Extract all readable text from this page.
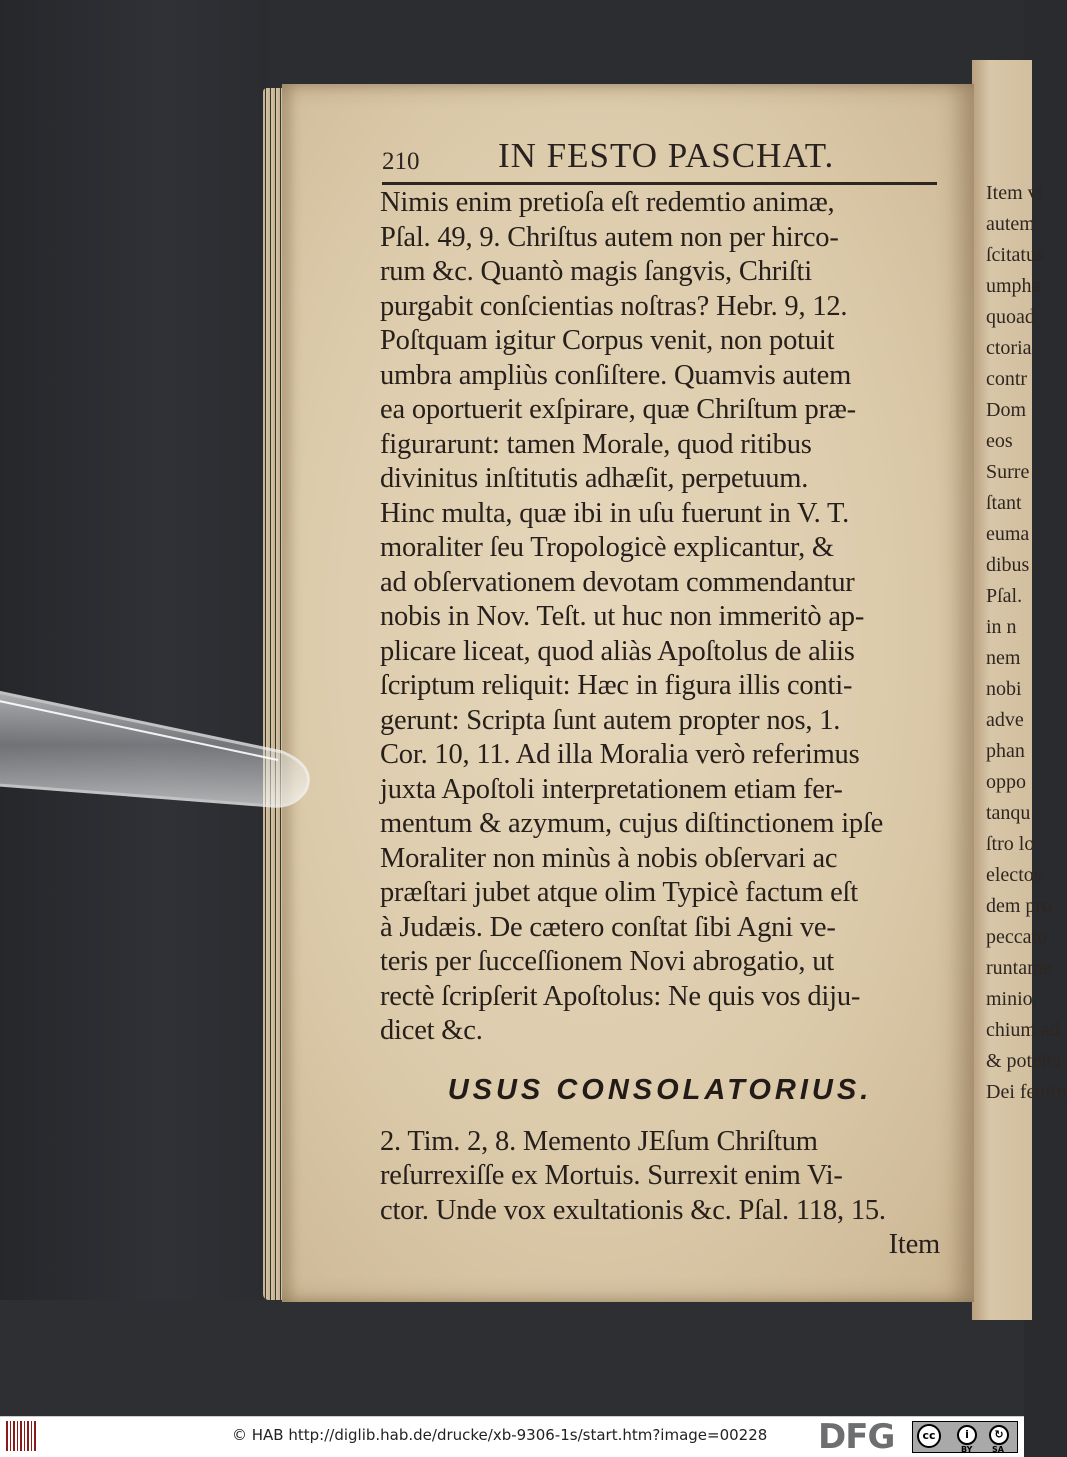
Item vi
autem
ſcitatus
umpha
quoad
ctoria
contr
Dom
eos
Surre
ſtant
euma
dibus
Pſal.
in n
nem
nobi
adve
phan
oppo
tanqu
ſtro lo
electos
dem pro
peccato
runtame
minio,
chium ad
& poteſta
Dei fenſin
210 IN FESTO PASCHAT.
Nimis enim pretioſa eſt redemtio animæ,
Pſal. 49, 9. Chriſtus autem non per hirco-
rum &c. Quantò magis ſangvis, Chriſti
purgabit conſcientias noſtras? Hebr. 9, 12.
Poſtquam igitur Corpus venit, non potuit
umbra ampliùs conſiſtere. Quamvis autem
ea oportuerit exſpirare, quæ Chriſtum præ-
figurarunt: tamen Morale, quod ritibus
divinitus inſtitutis adhæſit, perpetuum.
Hinc multa, quæ ibi in uſu fuerunt in V. T.
moraliter ſeu Tropologicè explicantur, &
ad obſervationem devotam commendantur
nobis in Nov. Teſt. ut huc non immeritò ap-
plicare liceat, quod aliàs Apoſtolus de aliis
ſcriptum reliquit: Hæc in figura illis conti-
gerunt: Scripta ſunt autem propter nos, 1.
Cor. 10, 11. Ad illa Moralia verò referimus
juxta Apoſtoli interpretationem etiam fer-
mentum & azymum, cujus diſtinctionem ipſe
Moraliter non minùs à nobis obſervari ac
præſtari jubet atque olim Typicè factum eſt
à Judæis. De cætero conſtat ſibi Agni ve-
teris per ſucceſſionem Novi abrogatio, ut
rectè ſcripſerit Apoſtolus: Ne quis vos diju-
dicet &c.
USUS CONSOLATORIUS.
2. Tim. 2, 8. Memento JEſum Chriſtum
reſurrexiſſe ex Mortuis. Surrexit enim Vi-
ctor. Unde vox exultationis &c. Pſal. 118, 15.
Item
© HAB http://diglib.hab.de/drucke/xb-9306-1s/start.htm?image=00228 DFG	cc	i
BY
↻
SA
